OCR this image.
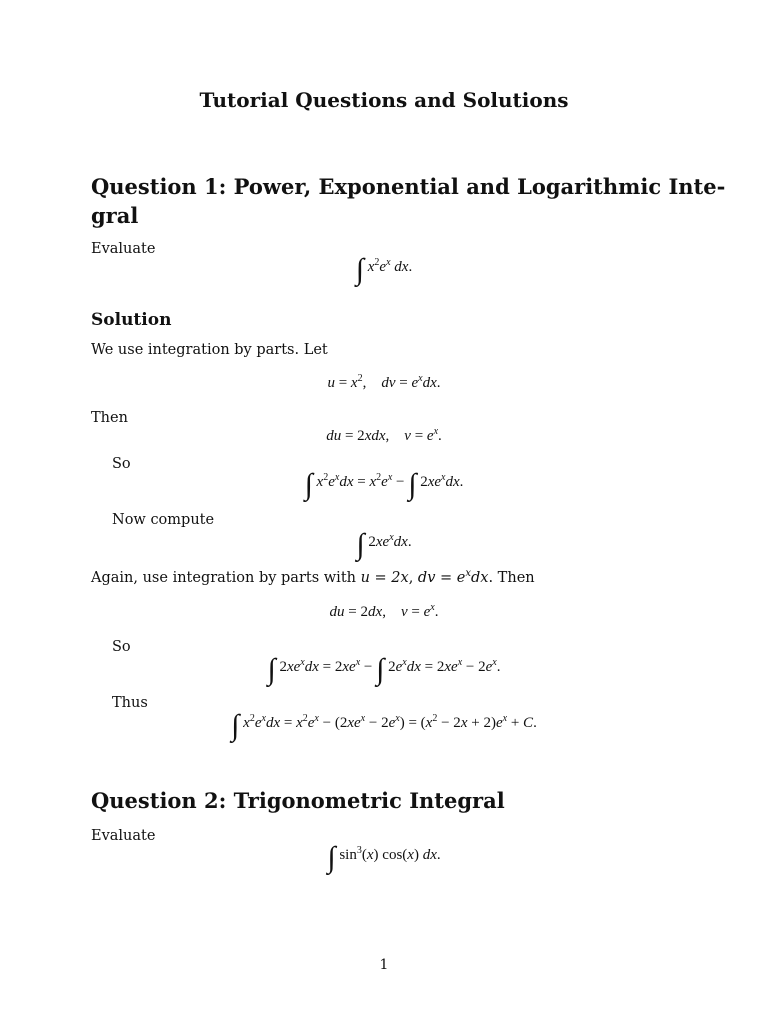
Tutorial Questions and Solutions
Question 1: Power, Exponential and Logarithmic Inte-
gral
Evaluate
∫ $x^2e^x$ dx.
Solution
We use integration by parts. Let
$u = x^2$,    dv = $e^xdx$.
Then
du = 2xdx,    $v = e^x$.
So
∫ $x^2e^xdx = x^2e^x$ − ∫ $2xe^xdx$.
Now compute
∫ $2xe^xdx$.
Again, use integration by parts with u = 2x, dv = $e^xdx$. Then
du = 2dx,    $v = e^x$.
So
∫ $2xe^xdx = 2xe^x$ − ∫ $2e^xdx = 2xe^x - 2e^x$.
Thus
∫ $x^2e^xdx = x^2e^x - (2xe^x - 2e^x) = (x^2 - 2x + 2)e^x + C$.
Question 2: Trigonometric Integral
Evaluate
∫ $\sin^3(x)$ cos(x) dx.
1
